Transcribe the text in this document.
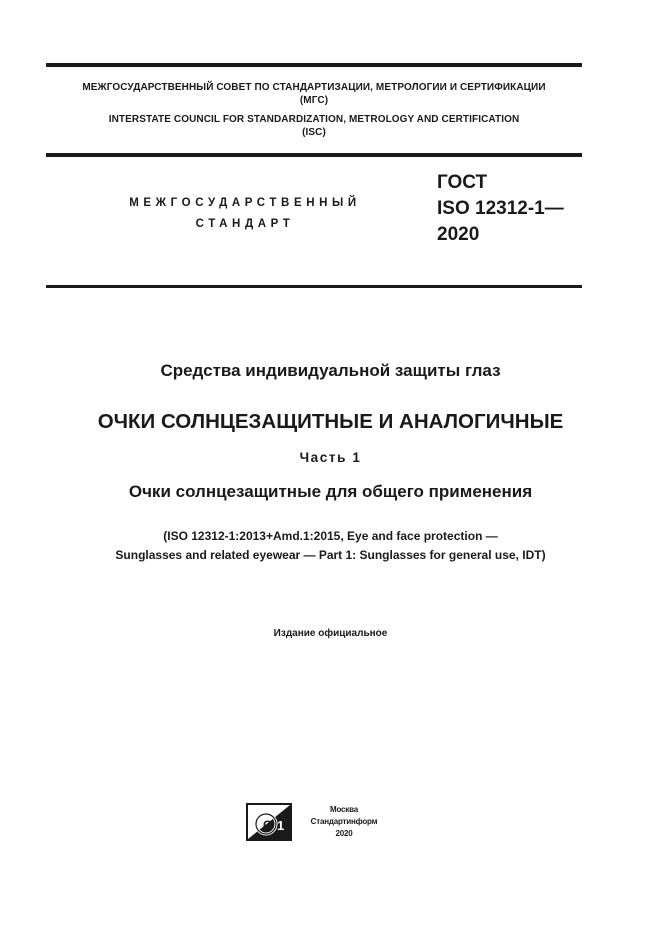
МЕЖГОСУДАРСТВЕННЫЙ СОВЕТ ПО СТАНДАРТИЗАЦИИ, МЕТРОЛОГИИ И СЕРТИФИКАЦИИ
(МГС)
INTERSTATE COUNCIL FOR STANDARDIZATION, METROLOGY AND CERTIFICATION
(ISC)
МЕЖГОСУДАРСТВЕННЫЙ
СТАНДАРТ
ГОСТ
ISO 12312-1—
2020
Средства индивидуальной защиты глаз
ОЧКИ СОЛНЦЕЗАЩИТНЫЕ И АНАЛОГИЧНЫЕ
Часть 1
Очки солнцезащитные для общего применения
(ISO 12312-1:2013+Amd.1:2015, Eye and face protection —
Sunglasses and related eyewear — Part 1: Sunglasses for general use, IDT)
Издание официальное
С 1
Москва
Стандартинформ
2020
